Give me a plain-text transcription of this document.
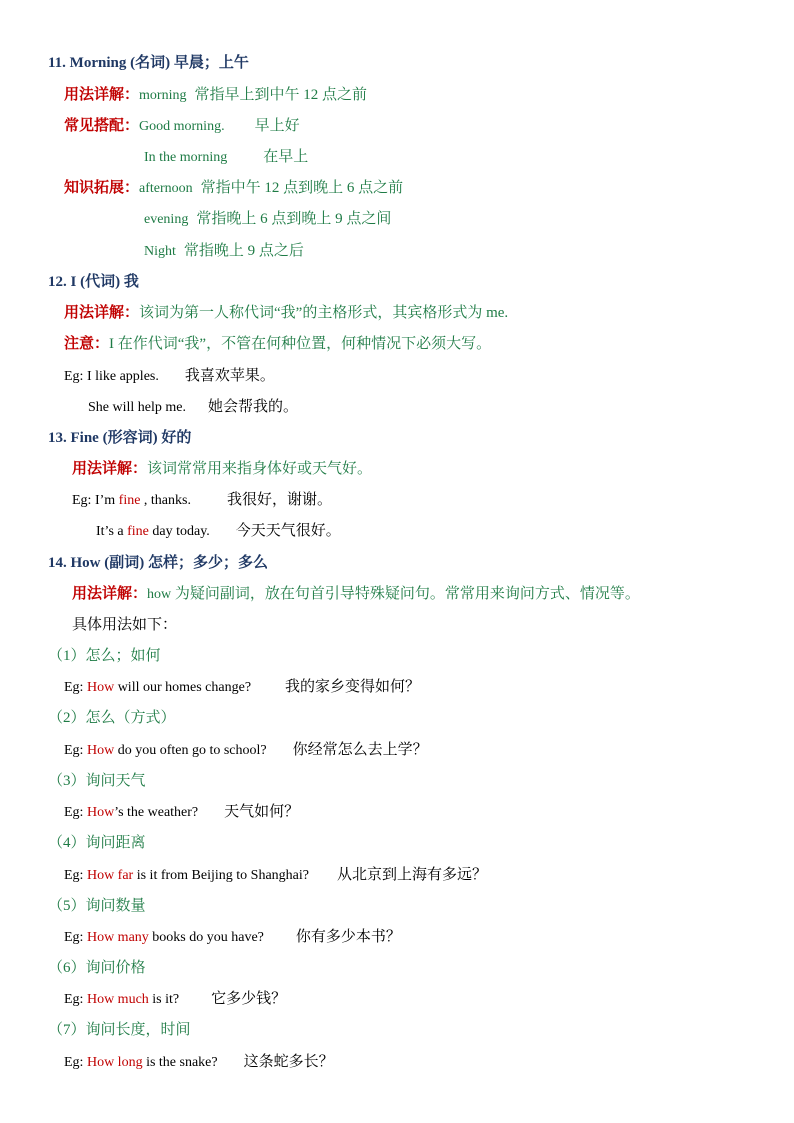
11. Morning (名词) 早晨；上午
用法详解：morning 常指早上到中午 12 点之前
常见搭配：Good morning. 早上好
In the morning 在早上
知识拓展：afternoon 常指中午 12 点到晚上 6 点之前
evening 常指晚上 6 点到晚上 9 点之间
Night 常指晚上 9 点之后
12. I (代词) 我
用法详解：该词为第一人称代词“我”的主格形式，其宾格形式为 me.
注意：I 在作代词“我”，不管在何种位置，何种情况下必须大写。
Eg: I like apples. 我喜欢苹果。
She will help me. 她会帮我的。
13. Fine (形容词) 好的
用法详解：该词常常用来指身体好或天气好。
Eg: I’m fine , thanks. 我很好，谢谢。
It’s a fine day today. 今天天气很好。
14. How (副词) 怎样；多少；多么
用法详解：how 为疑问副词，放在句首引导特殊疑问句。常常用来询问方式、情况等。
具体用法如下：
（1）怎么；如何
Eg: How will our homes change? 我的家乡变得如何？
（2）怎么（方式）
Eg: How do you often go to school? 你经常怎么去上学？
（3）询问天气
Eg: How’s the weather? 天气如何？
（4）询问距离
Eg: How far is it from Beijing to Shanghai? 从北京到上海有多远？
（5）询问数量
Eg: How many books do you have? 你有多少本书？
（6）询问价格
Eg: How much is it? 它多少钱？
（7）询问长度，时间
Eg: How long is the snake? 这条蛇多长？
